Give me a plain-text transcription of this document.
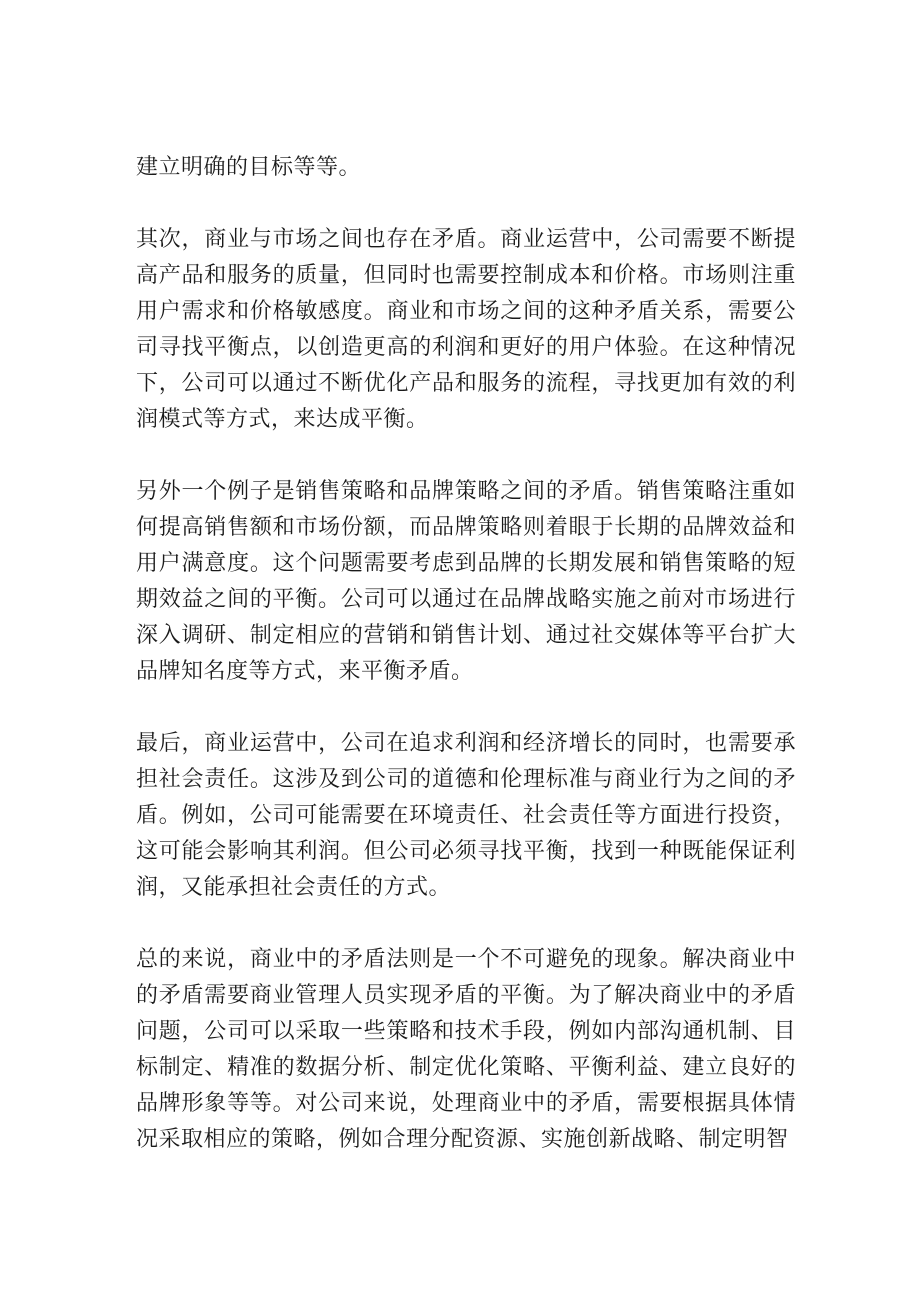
建立明确的目标等等。

其次，商业与市场之间也存在矛盾。商业运营中，公司需要不断提高产品和服务的质量，但同时也需要控制成本和价格。市场则注重用户需求和价格敏感度。商业和市场之间的这种矛盾关系，需要公司寻找平衡点，以创造更高的利润和更好的用户体验。在这种情况下，公司可以通过不断优化产品和服务的流程，寻找更加有效的利润模式等方式，来达成平衡。

另外一个例子是销售策略和品牌策略之间的矛盾。销售策略注重如何提高销售额和市场份额，而品牌策略则着眼于长期的品牌效益和用户满意度。这个问题需要考虑到品牌的长期发展和销售策略的短期效益之间的平衡。公司可以通过在品牌战略实施之前对市场进行深入调研、制定相应的营销和销售计划、通过社交媒体等平台扩大品牌知名度等方式，来平衡矛盾。

最后，商业运营中，公司在追求利润和经济增长的同时，也需要承担社会责任。这涉及到公司的道德和伦理标准与商业行为之间的矛盾。例如，公司可能需要在环境责任、社会责任等方面进行投资，这可能会影响其利润。但公司必须寻找平衡，找到一种既能保证利润，又能承担社会责任的方式。

总的来说，商业中的矛盾法则是一个不可避免的现象。解决商业中的矛盾需要商业管理人员实现矛盾的平衡。为了解决商业中的矛盾问题，公司可以采取一些策略和技术手段，例如内部沟通机制、目标制定、精准的数据分析、制定优化策略、平衡利益、建立良好的品牌形象等等。对公司来说，处理商业中的矛盾，需要根据具体情况采取相应的策略，例如合理分配资源、实施创新战略、制定明智
